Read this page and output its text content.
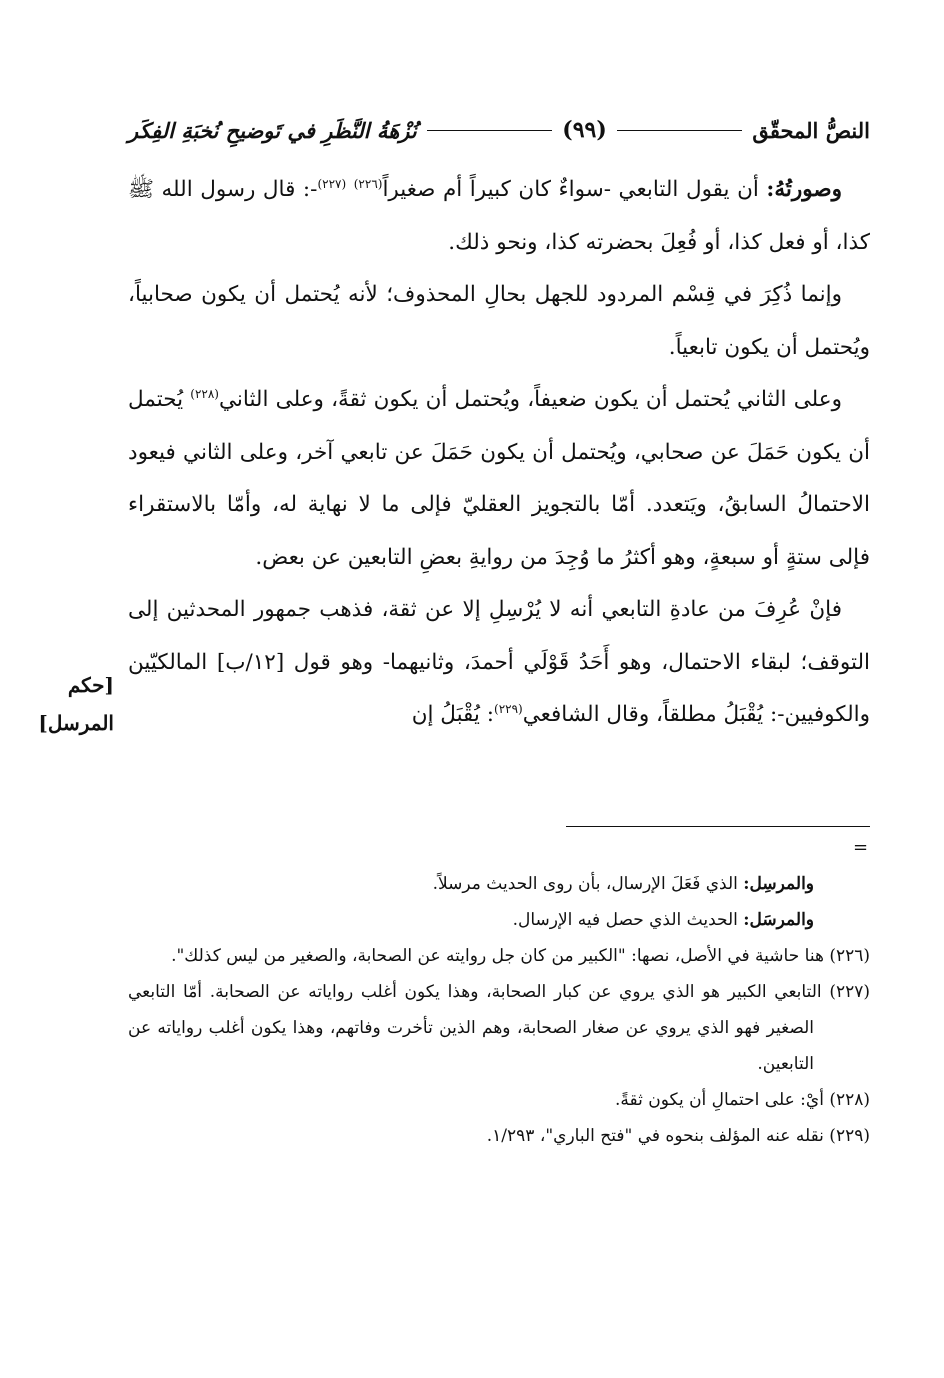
النصُّ المحقّق
(٩٩)
نُزْهَةُ النَّظَرِ في تَوضيحِ نُخبَةِ الفِكَر

وصورتُهُ: أن يقول التابعي -سواءٌ كان كبيراً أم صغيراً$^{(٢٢٦)}$ $^{(٢٢٧)}$-: قال رسول الله ﷺ كذا، أو فعل كذا، أو فُعِلَ بحضرته كذا، ونحو ذلك.

وإنما ذُكِرَ في قِسْم المردود للجهل بحالِ المحذوف؛ لأنه يُحتمل أن يكون صحابياً، ويُحتمل أن يكون تابعياً.

وعلى الثاني يُحتمل أن يكون ضعيفاً، ويُحتمل أن يكون ثقةً، وعلى الثاني$^{(٢٢٨)}$ يُحتمل أن يكون حَمَلَ عن صحابي، ويُحتمل أن يكون حَمَلَ عن تابعي آخر، وعلى الثاني فيعود الاحتمالُ السابقُ، ويَتعدد. أمّا بالتجويز العقليّ فإلى ما لا نهاية له، وأمّا بالاستقراء فإلى ستةٍ أو سبعةٍ، وهو أكثرُ ما وُجِدَ من روايةِ بعضِ التابعين عن بعض.

فإنْ عُرِفَ من عادةِ التابعي أنه لا يُرْسِلِ إلا عن ثقة، فذهب جمهور المحدثين إلى التوقف؛ لبقاء الاحتمال، وهو أَحَدُ قَوْلَي أحمدَ، وثانيهما- وهو قول [١٢/ب] المالكيّين والكوفيين-: يُقْبَلُ مطلقاً، وقال الشافعي$^{(٢٢٩)}$: يُقْبَلُ إن

[حكم
المرسل]
=

والمرسِل: الذي فَعَلَ الإرسال، بأن روى الحديث مرسلاً.

والمرسَل: الحديث الذي حصل فيه الإرسال.

(٢٢٦) هنا حاشية في الأصل، نصها: "الكبير من كان جل روايته عن الصحابة، والصغير من ليس كذلك".

(٢٢٧) التابعي الكبير هو الذي يروي عن كبار الصحابة، وهذا يكون أغلب رواياته عن الصحابة. أمّا التابعي الصغير فهو الذي يروي عن صغار الصحابة، وهم الذين تأخرت وفاتهم، وهذا يكون أغلب رواياته عن التابعين.

(٢٢٨) أيْ: على احتمالِ أن يكون ثقةً.

(٢٢٩) نقله عنه المؤلف بنحوه في "فتح الباري"، ١/٢٩٣.
